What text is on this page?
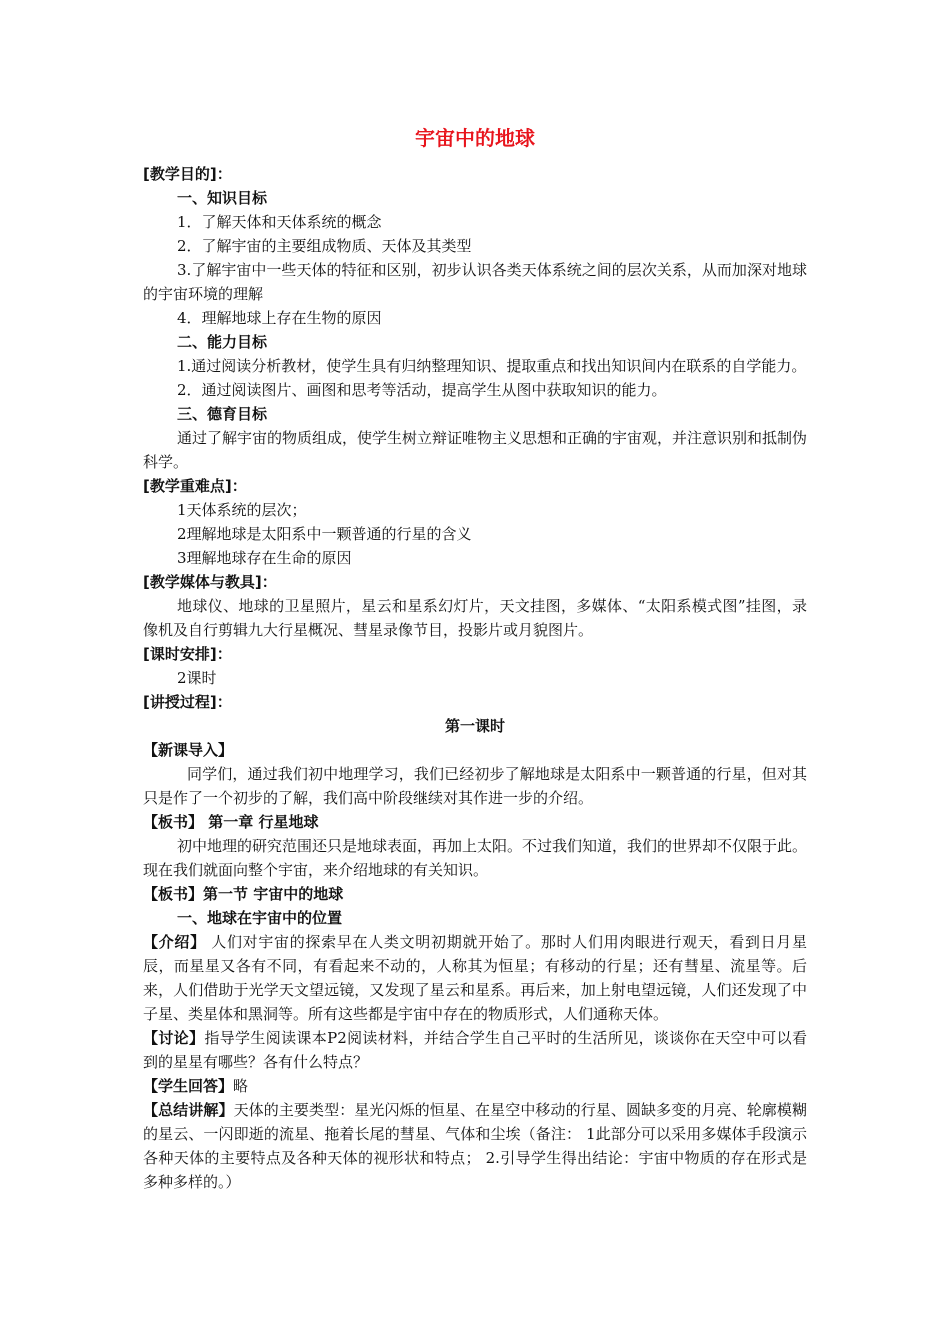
宇宙中的地球

[教学目的]：

一、知识目标

1．了解天体和天体系统的概念

2．了解宇宙的主要组成物质、天体及其类型

3.了解宇宙中一些天体的特征和区别，初步认识各类天体系统之间的层次关系，从而加深对地球的宇宙环境的理解

4．理解地球上存在生物的原因

二、能力目标

1.通过阅读分析教材，使学生具有归纳整理知识、提取重点和找出知识间内在联系的自学能力。

2．通过阅读图片、画图和思考等活动，提高学生从图中获取知识的能力。

三、德育目标

通过了解宇宙的物质组成，使学生树立辩证唯物主义思想和正确的宇宙观，并注意识别和抵制伪科学。

[教学重难点]：

1天体系统的层次；

2理解地球是太阳系中一颗普通的行星的含义

3理解地球存在生命的原因

[教学媒体与教具]：

地球仪、地球的卫星照片，星云和星系幻灯片，天文挂图，多媒体、“太阳系模式图”挂图，录像机及自行剪辑九大行星概况、彗星录像节目，投影片或月貌图片。

[课时安排]：

2课时

[讲授过程]：

第一课时

【新课导入】

同学们，通过我们初中地理学习，我们已经初步了解地球是太阳系中一颗普通的行星，但对其只是作了一个初步的了解，我们高中阶段继续对其作进一步的介绍。

【板书】 第一章 行星地球

初中地理的研究范围还只是地球表面，再加上太阳。不过我们知道，我们的世界却不仅限于此。现在我们就面向整个宇宙，来介绍地球的有关知识。

【板书】第一节 宇宙中的地球

一、地球在宇宙中的位置

【介绍】 人们对宇宙的探索早在人类文明初期就开始了。那时人们用肉眼进行观天，看到日月星辰，而星星又各有不同，有看起来不动的，人称其为恒星；有移动的行星；还有彗星、流星等。后来，人们借助于光学天文望远镜，又发现了星云和星系。再后来，加上射电望远镜，人们还发现了中子星、类星体和黑洞等。所有这些都是宇宙中存在的物质形式，人们通称天体。

【讨论】指导学生阅读课本P2阅读材料，并结合学生自己平时的生活所见，谈谈你在天空中可以看到的星星有哪些？各有什么特点？

【学生回答】略

【总结讲解】天体的主要类型：星光闪烁的恒星、在星空中移动的行星、圆缺多变的月亮、轮廓模糊的星云、一闪即逝的流星、拖着长尾的彗星、气体和尘埃（备注： 1此部分可以采用多媒体手段演示各种天体的主要特点及各种天体的视形状和特点； 2.引导学生得出结论：宇宙中物质的存在形式是多种多样的。）
